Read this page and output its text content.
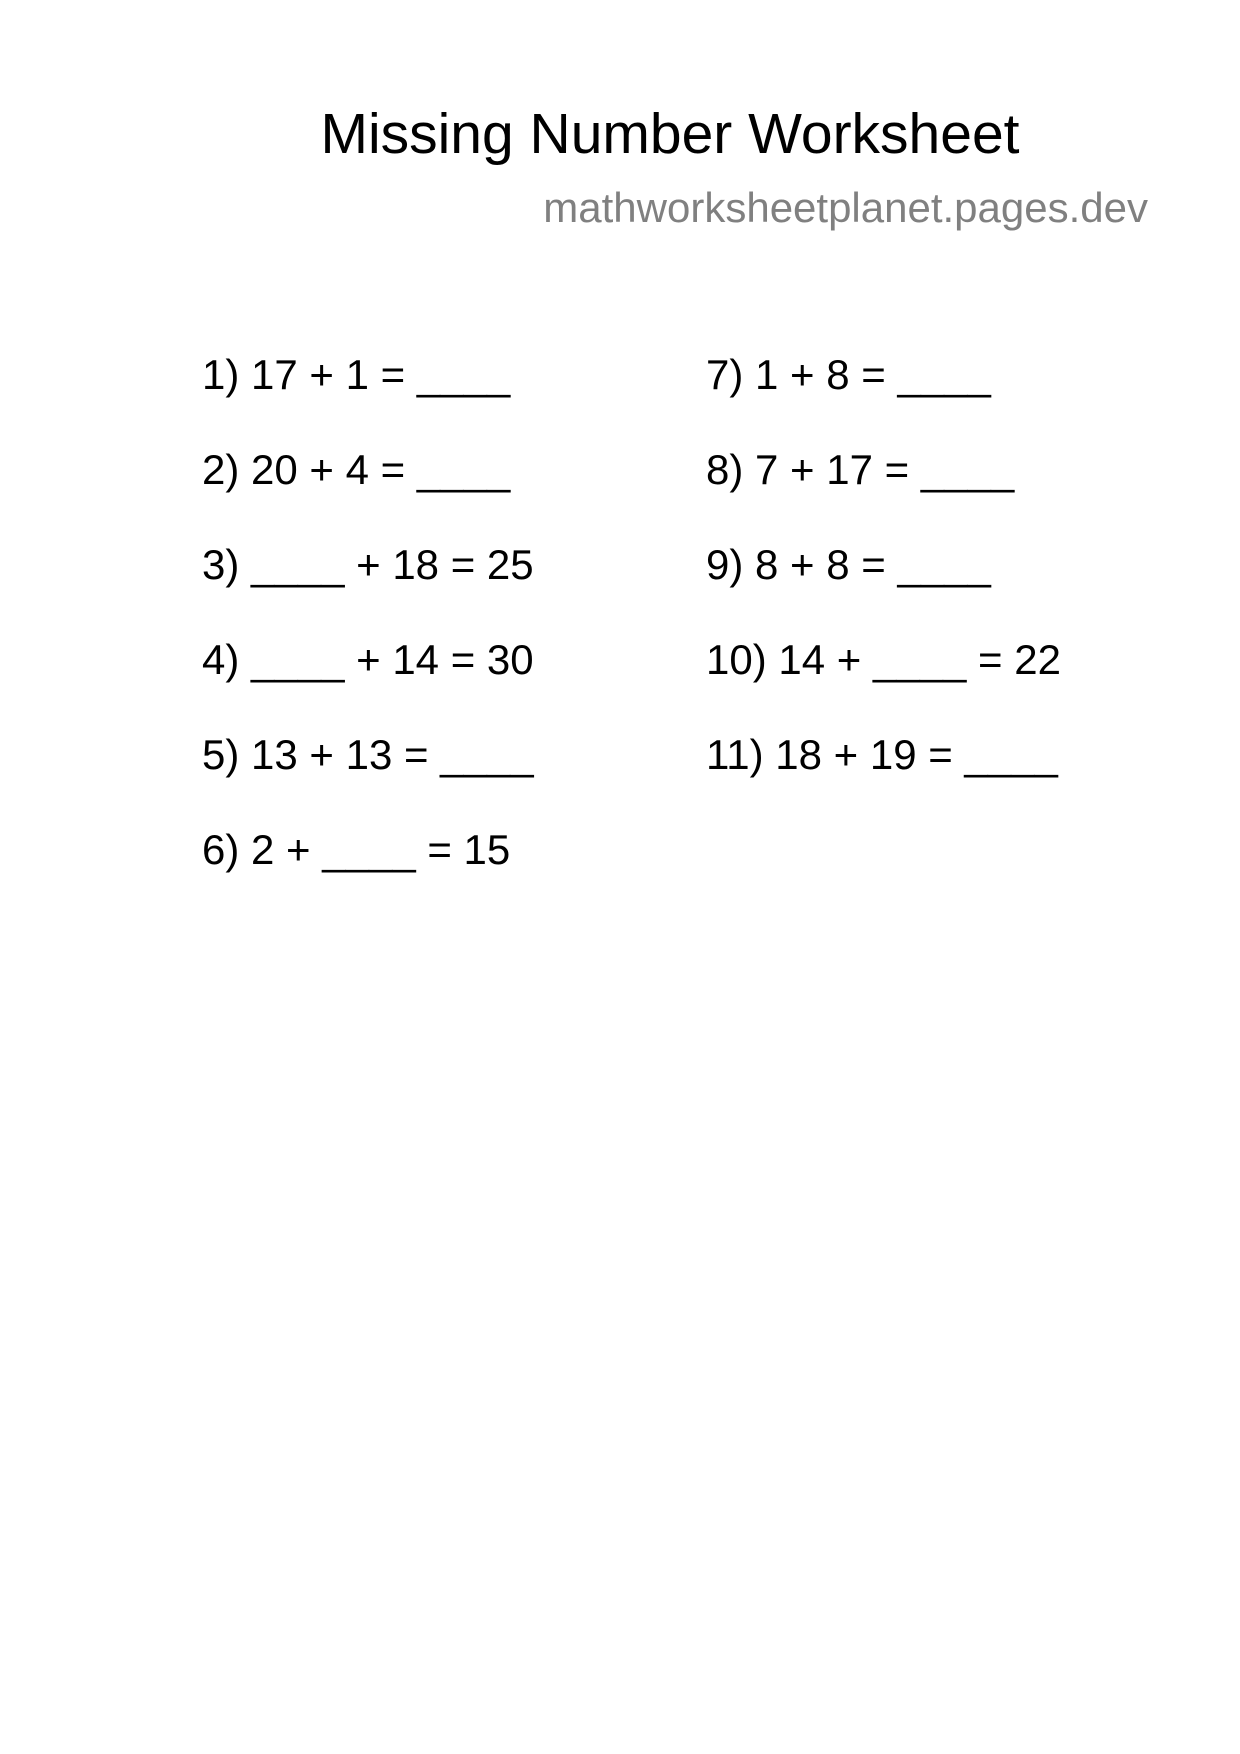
Missing Number Worksheet
mathworksheetplanet.pages.dev
1) 17 + 1 = ____
2) 20 + 4 = ____
3) ____ + 18 = 25
4) ____ + 14 = 30
5) 13 + 13 = ____
6) 2 + ____ = 15
7) 1 + 8 = ____
8) 7 + 17 = ____
9) 8 + 8 = ____
10) 14 + ____ = 22
11) 18 + 19 = ____
